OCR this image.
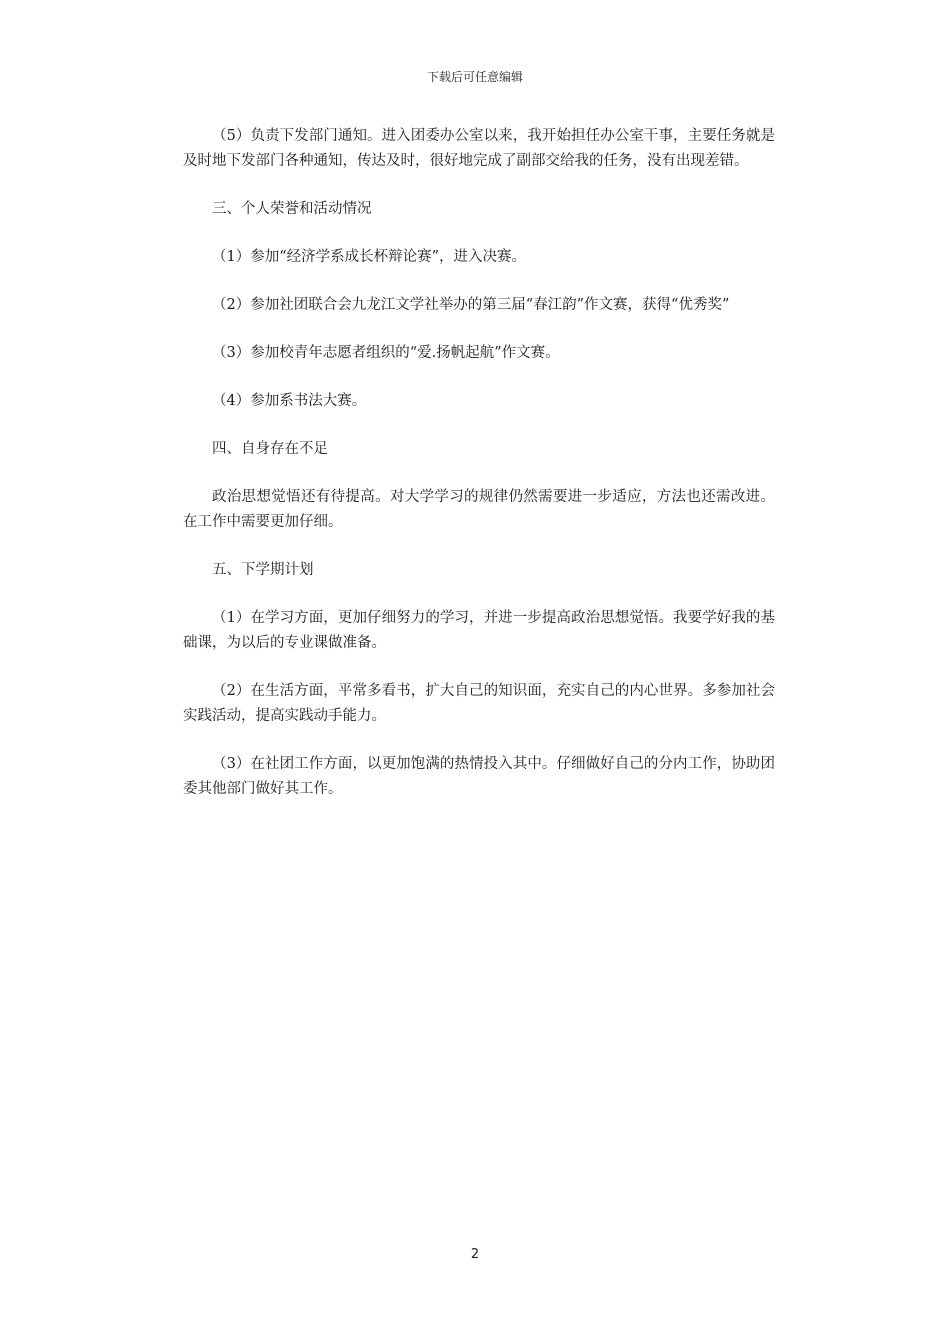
下载后可任意编辑

（5）负责下发部门通知。进入团委办公室以来，我开始担任办公室干事，主要任务就是及时地下发部门各种通知，传达及时，很好地完成了副部交给我的任务，没有出现差错。

三、个人荣誉和活动情况

（1）参加“经济学系成长杯辩论赛”，进入决赛。

（2）参加社团联合会九龙江文学社举办的第三届“春江韵”作文赛，获得“优秀奖”

（3）参加校青年志愿者组织的“爱.扬帆起航”作文赛。

（4）参加系书法大赛。

四、自身存在不足

政治思想觉悟还有待提高。对大学学习的规律仍然需要进一步适应，方法也还需改进。在工作中需要更加仔细。

五、下学期计划

（1）在学习方面，更加仔细努力的学习，并进一步提高政治思想觉悟。我要学好我的基础课，为以后的专业课做准备。

（2）在生活方面，平常多看书，扩大自己的知识面，充实自己的内心世界。多参加社会实践活动，提高实践动手能力。

（3）在社团工作方面，以更加饱满的热情投入其中。仔细做好自己的分内工作，协助团委其他部门做好其工作。

2
